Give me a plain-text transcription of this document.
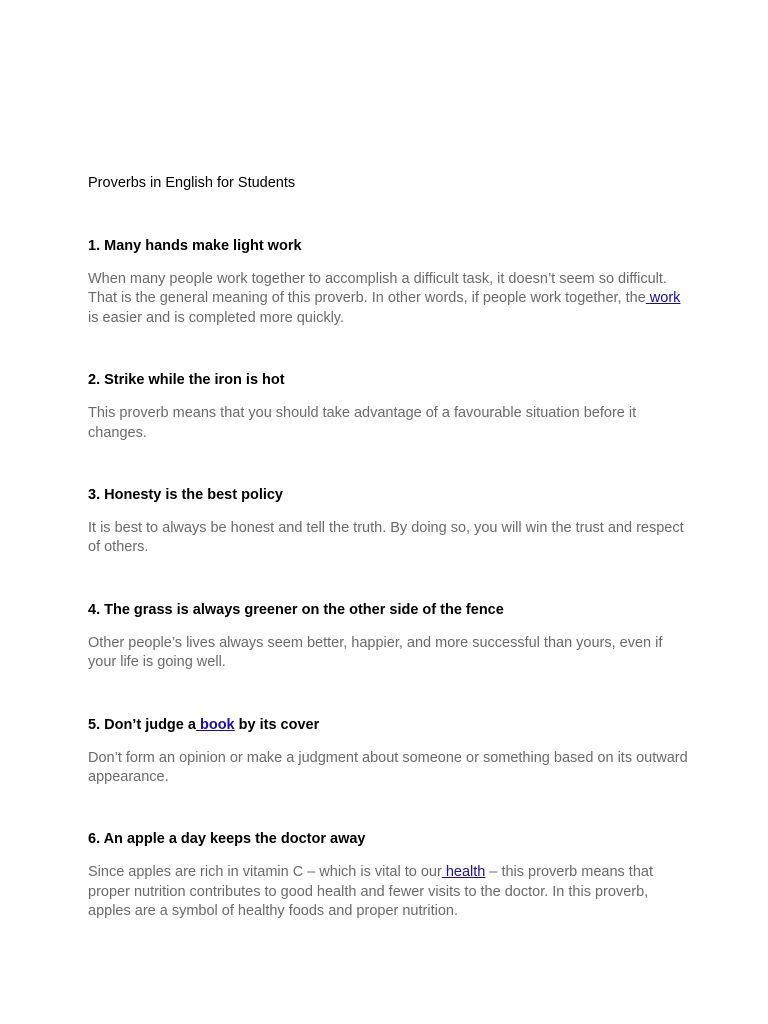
Proverbs in English for Students
1. Many hands make light work

When many people work together to accomplish a difficult task, it doesn’t seem so difficult. That is the general meaning of this proverb. In other words, if people work together, the work is easier and is completed more quickly.

2. Strike while the iron is hot

This proverb means that you should take advantage of a favourable situation before it changes.

3. Honesty is the best policy

It is best to always be honest and tell the truth. By doing so, you will win the trust and respect of others.

4. The grass is always greener on the other side of the fence

Other people’s lives always seem better, happier, and more successful than yours, even if your life is going well.

5. Don’t judge a book by its cover

Don’t form an opinion or make a judgment about someone or something based on its outward appearance.

6. An apple a day keeps the doctor away

Since apples are rich in vitamin C – which is vital to our health – this proverb means that proper nutrition contributes to good health and fewer visits to the doctor. In this proverb, apples are a symbol of healthy foods and proper nutrition.
